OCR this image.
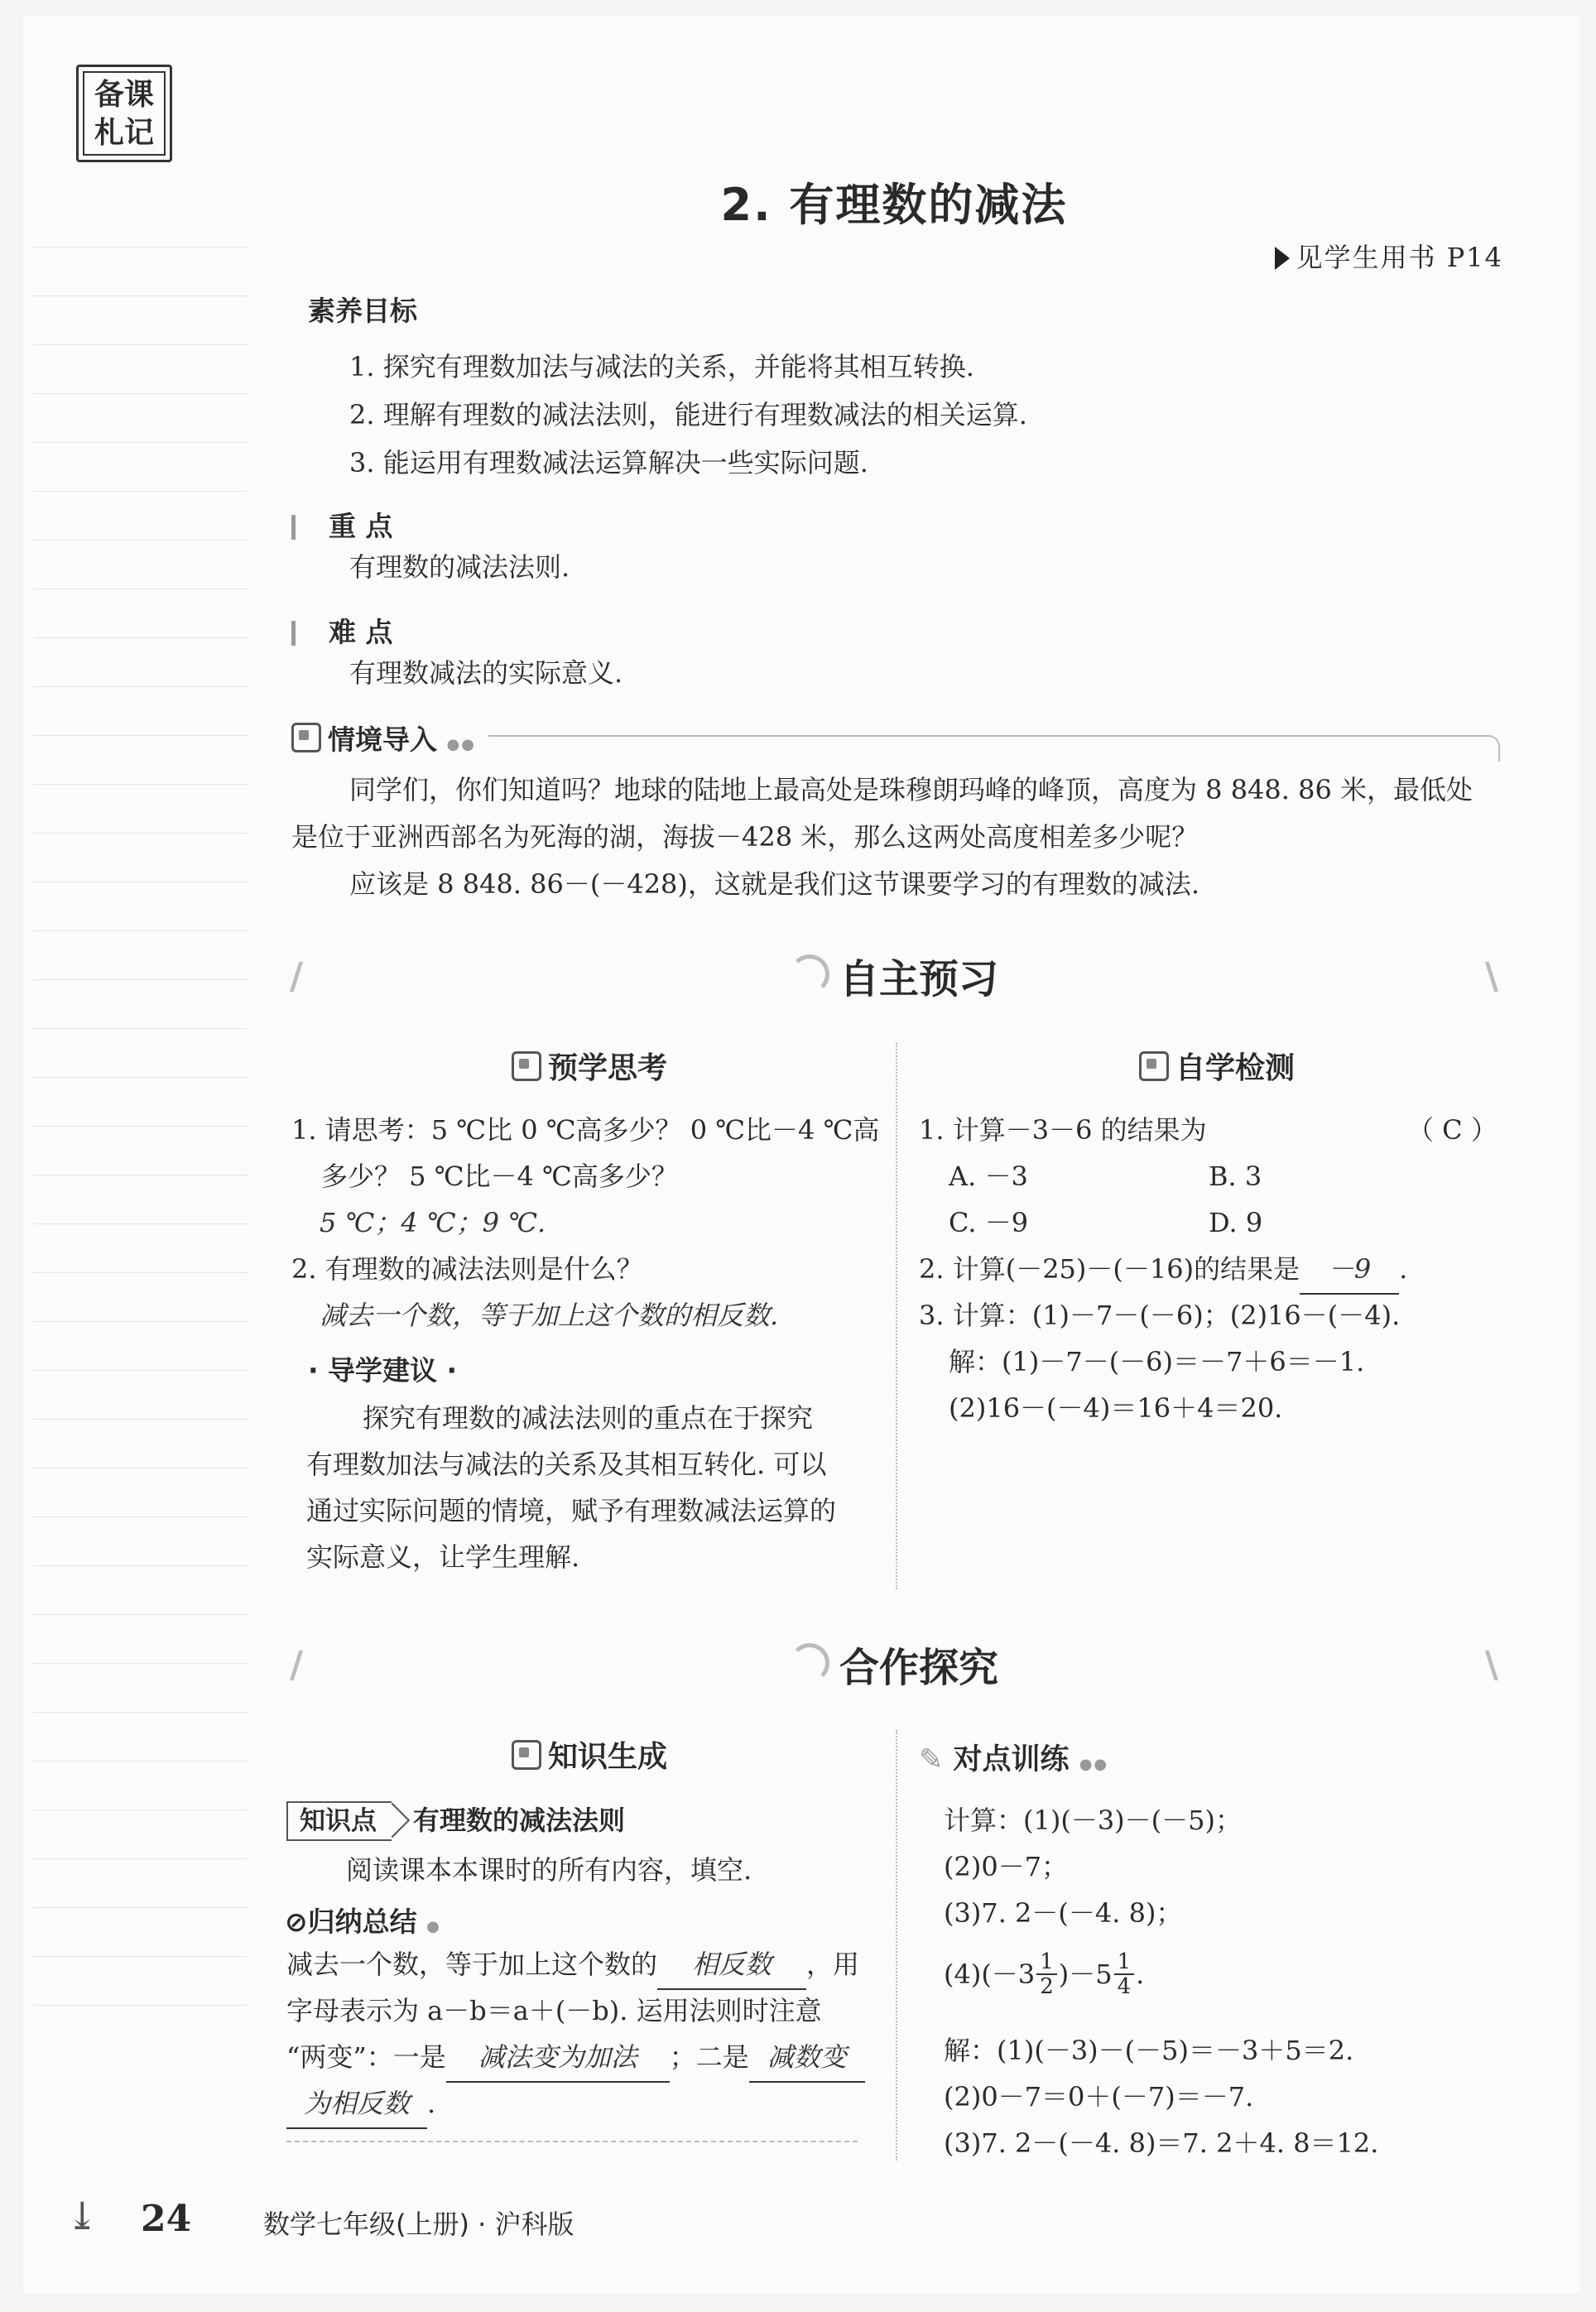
备课
札记
2. 有理数的减法
见学生用书 P14
素养目标
1. 探究有理数加法与减法的关系，并能将其相互转换.
2. 理解有理数的减法法则，能进行有理数减法的相关运算.
3. 能运用有理数减法运算解决一些实际问题.
重 点
有理数的减法法则.
难 点
有理数减法的实际意义.
情境导入 ●●
同学们，你们知道吗？地球的陆地上最高处是珠穆朗玛峰的峰顶，高度为 8 848. 86 米，最低处
是位于亚洲西部名为死海的湖，海拔－428 米，那么这两处高度相差多少呢？
应该是 8 848. 86－(－428)，这就是我们这节课要学习的有理数的减法.
/	自主预习	\
预学思考	自学检测
1. 请思考：5 ℃比 0 ℃高多少？ 0 ℃比－4 ℃高
多少？ 5 ℃比－4 ℃高多少？
5 ℃；4 ℃；9 ℃.
2. 有理数的减法法则是什么？
减去一个数，等于加上这个数的相反数.
· 导学建议 ·
探究有理数的减法法则的重点在于探究
有理数加法与减法的关系及其相互转化. 可以
通过实际问题的情境，赋予有理数减法运算的
实际意义，让学生理解.
1. 计算－3－6 的结果为	（ C ）
A. －3	B. 3
C. －9	D. 9
2. 计算(－25)－(－16)的结果是 －9 .
3. 计算：(1)－7－(－6)；(2)16－(－4).
解：(1)－7－(－6)＝－7＋6＝－1.
(2)16－(－4)＝16＋4＝20.
/	合作探究	\
知识生成	✎ 对点训练 ●●
知识点 有理数的减法法则
阅读课本本课时的所有内容，填空.
⊘归纳总结 ●
减去一个数，等于加上这个数的 相反数 ，用
字母表示为 a－b＝a＋(－b). 运用法则时注意
“两变”：一是 减法变为加法 ；二是 减数变
为相反数 .
计算：(1)(－3)－(－5)；
(2)0－7；
(3)7. 2－(－4. 8)；
$(4)(-3 \frac{1}{2} )-5 \frac{1}{4}$ .
解：(1)(－3)－(－5)＝－3＋5＝2.
(2)0－7＝0＋(－7)＝－7.
(3)7. 2－(－4. 8)＝7. 2＋4. 8＝12.
⤓ 24	数学七年级(上册) · 沪科版
